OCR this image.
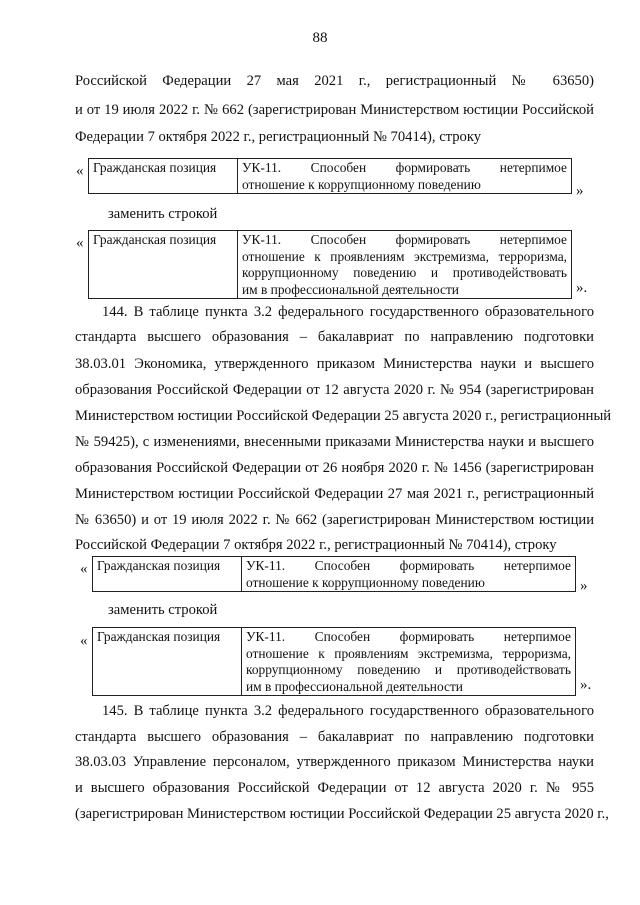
88
Российской Федерации 27 мая 2021 г., регистрационный № 63650)
и от 19 июля 2022 г. № 662 (зарегистрирован Министерством юстиции Российской
Федерации 7 октября 2022 г., регистрационный № 70414), строку
« Гражданская позиция	УК-11. Способен формировать нетерпимое
отношение к коррупционному поведению	»
заменить строкой
« Гражданская позиция	УК-11. Способен формировать нетерпимое
отношение к проявлениям экстремизма, терроризма,
коррупционному поведению и противодействовать
им в профессиональной деятельности	».
144. В таблице пункта 3.2 федерального государственного образовательного
стандарта высшего образования – бакалавриат по направлению подготовки
38.03.01 Экономика, утвержденного приказом Министерства науки и высшего
образования Российской Федерации от 12 августа 2020 г. № 954 (зарегистрирован
Министерством юстиции Российской Федерации 25 августа 2020 г., регистрационный
№ 59425), с изменениями, внесенными приказами Министерства науки и высшего
образования Российской Федерации от 26 ноября 2020 г. № 1456 (зарегистрирован
Министерством юстиции Российской Федерации 27 мая 2021 г., регистрационный
№ 63650) и от 19 июля 2022 г. № 662 (зарегистрирован Министерством юстиции
Российской Федерации 7 октября 2022 г., регистрационный № 70414), строку
« Гражданская позиция	УК-11. Способен формировать нетерпимое
отношение к коррупционному поведению	»
заменить строкой
« Гражданская позиция	УК-11. Способен формировать нетерпимое
отношение к проявлениям экстремизма, терроризма,
коррупционному поведению и противодействовать
им в профессиональной деятельности	».
145. В таблице пункта 3.2 федерального государственного образовательного
стандарта высшего образования – бакалавриат по направлению подготовки
38.03.03 Управление персоналом, утвержденного приказом Министерства науки
и высшего образования Российской Федерации от 12 августа 2020 г. № 955
(зарегистрирован Министерством юстиции Российской Федерации 25 августа 2020 г.,
